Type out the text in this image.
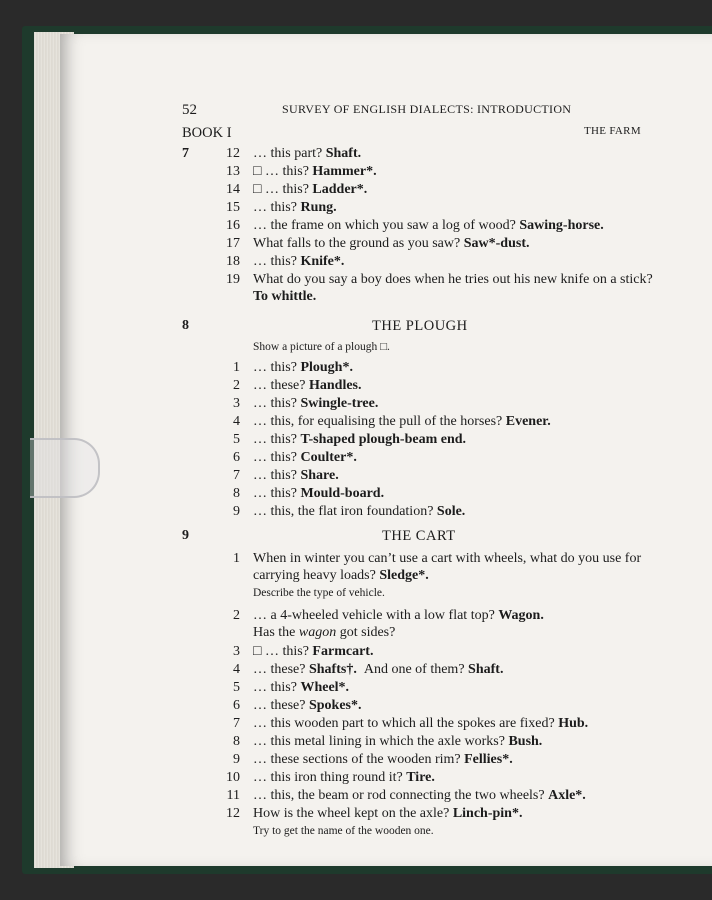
52	SURVEY OF ENGLISH DIALECTS: INTRODUCTION
BOOK I	THE FARM
7	12 … this part? Shaft.
13 □ … this? Hammer*.
14 □ … this? Ladder*.
15 … this? Rung.
16 … the frame on which you saw a log of wood? Sawing-horse.
17 What falls to the ground as you saw? Saw*-dust.
18 … this? Knife*.
19 What do you say a boy does when he tries out his new knife on a stick?
To whittle.
8	THE PLOUGH
Show a picture of a plough □.
1 … this? Plough*.
2 … these? Handles.
3 … this? Swingle-tree.
4 … this, for equalising the pull of the horses? Evener.
5 … this? T-shaped plough-beam end.
6 … this? Coulter*.
7 … this? Share.
8 … this? Mould-board.
9 … this, the flat iron foundation? Sole.
9	THE CART
1 When in winter you can’t use a cart with wheels, what do you use for
carrying heavy loads? Sledge*.
Describe the type of vehicle.
2 … a 4-wheeled vehicle with a low flat top? Wagon.
Has the wagon got sides?
3 □ … this? Farmcart.
4 … these? Shafts†. And one of them? Shaft.
5 … this? Wheel*.
6 … these? Spokes*.
7 … this wooden part to which all the spokes are fixed? Hub.
8 … this metal lining in which the axle works? Bush.
9 … these sections of the wooden rim? Fellies*.
10 … this iron thing round it? Tire.
11 … this, the beam or rod connecting the two wheels? Axle*.
12 How is the wheel kept on the axle? Linch-pin*.
Try to get the name of the wooden one.
